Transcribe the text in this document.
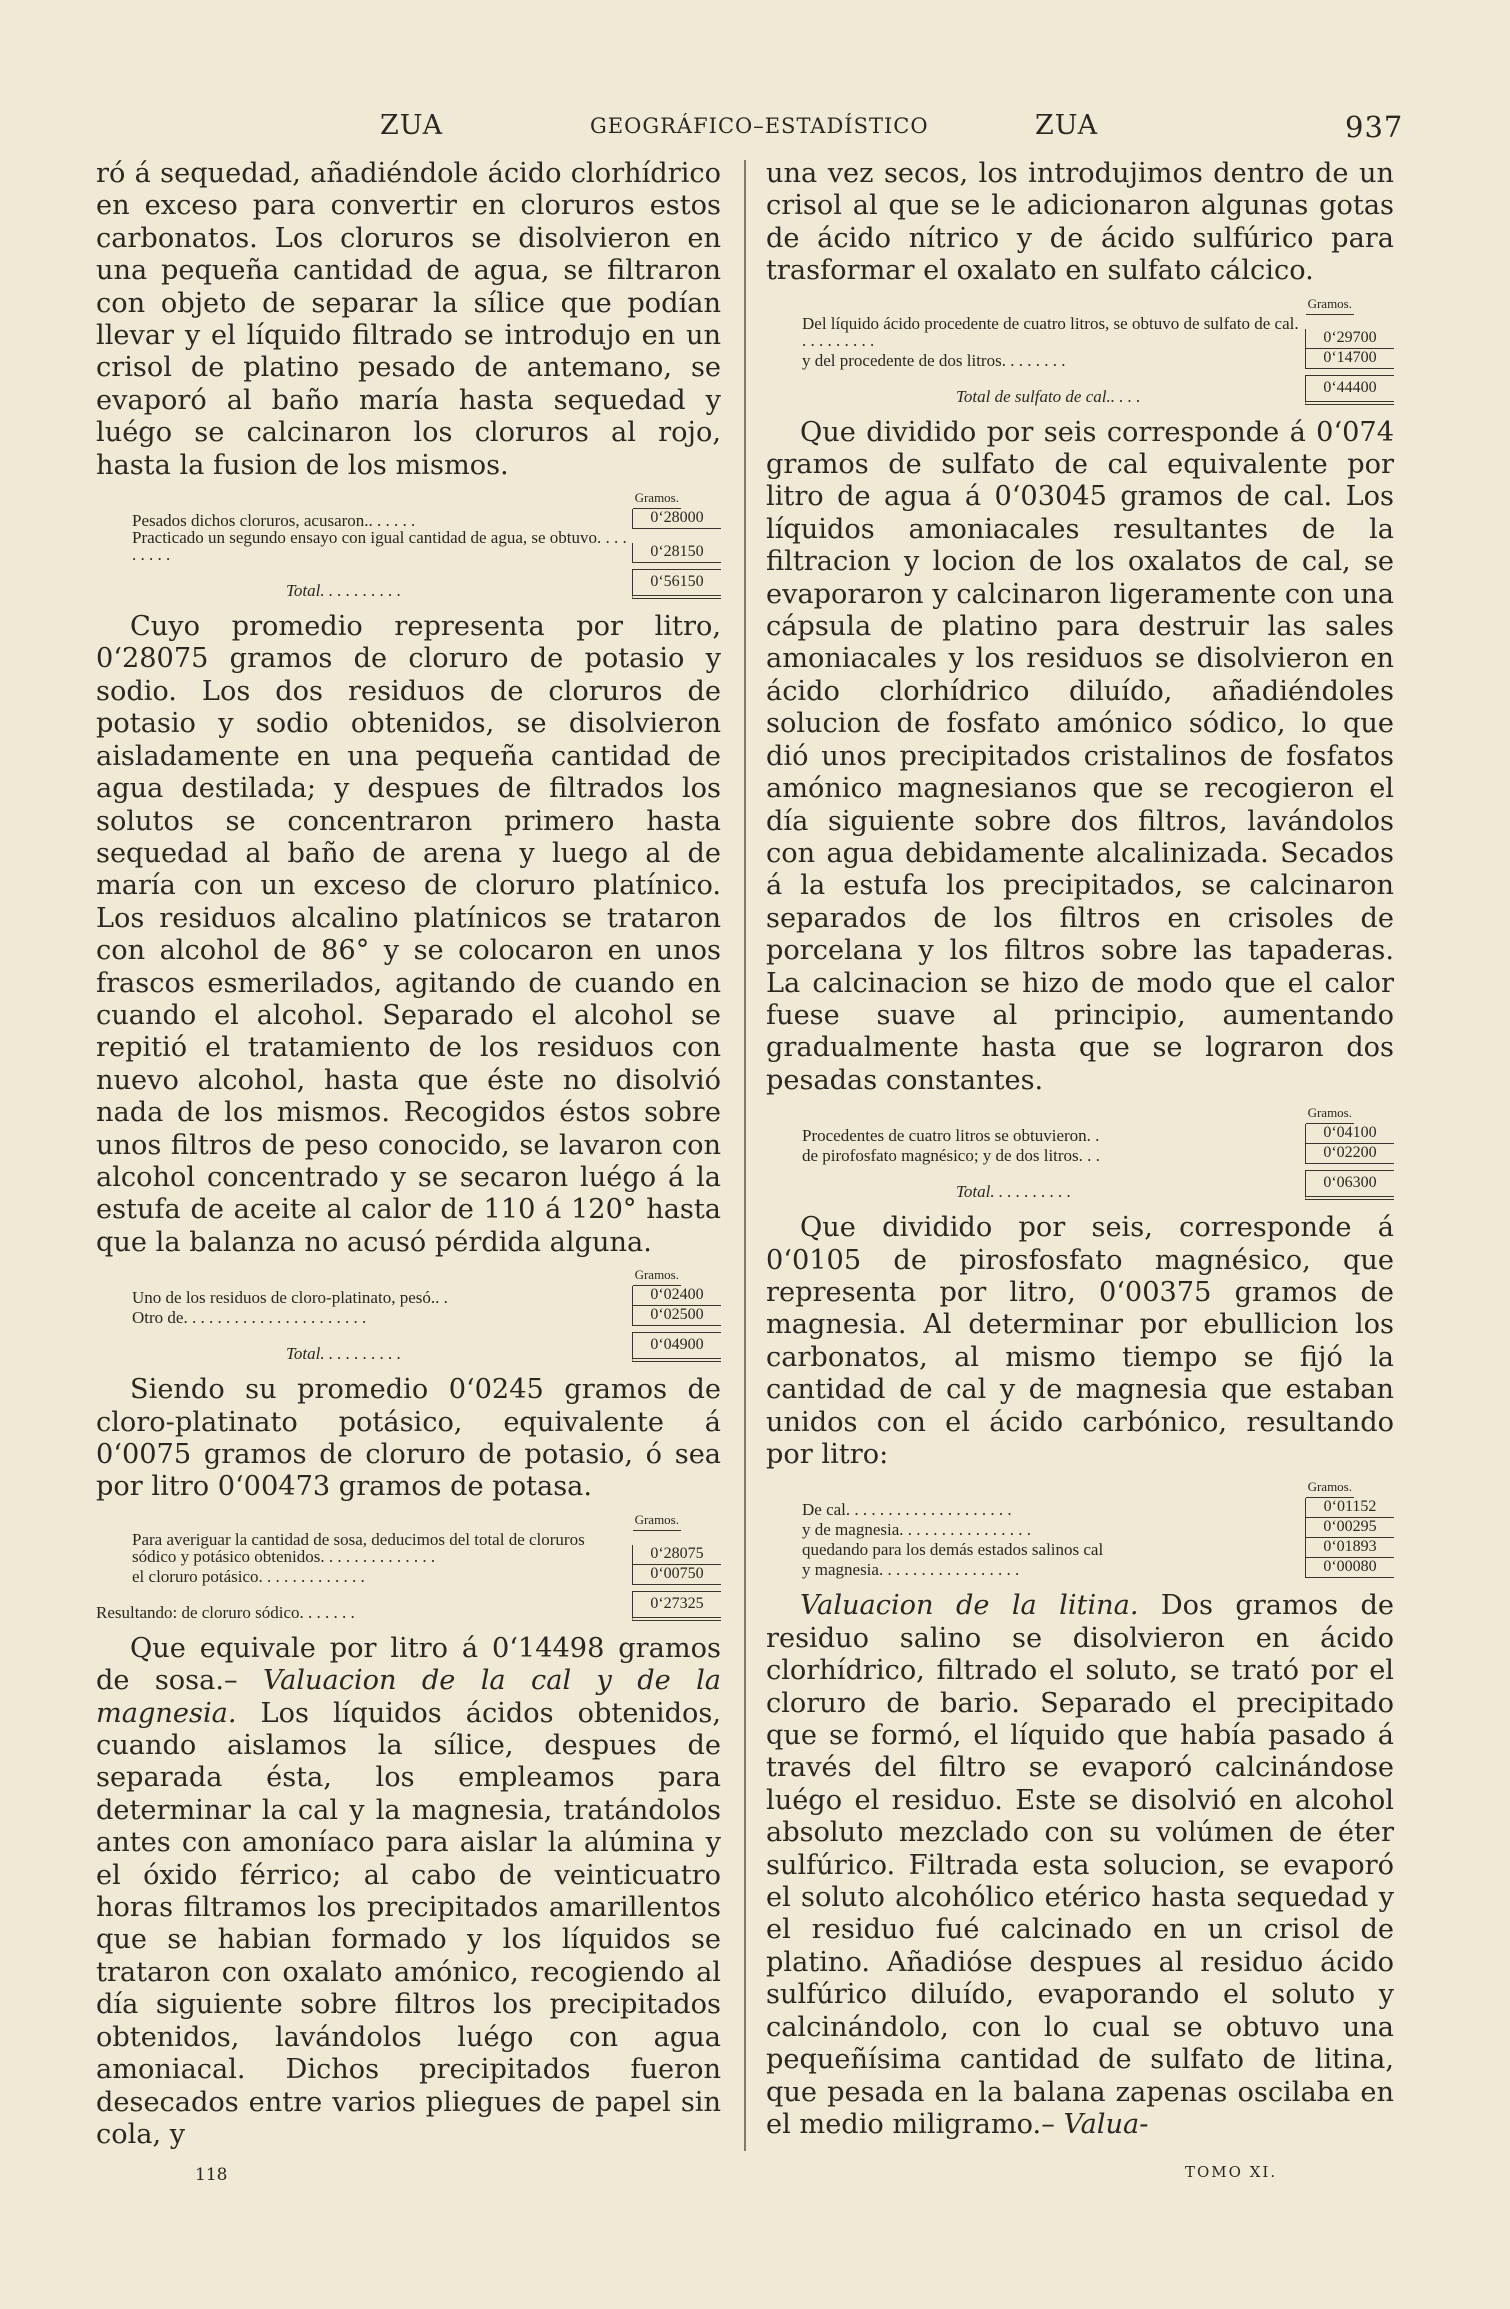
ZUA	GEOGRÁFICO–ESTADÍSTICO	ZUA	937

ró á sequedad, añadiéndole ácido clorhídrico en exceso para convertir en cloruros estos carbonatos. Los cloruros se disolvieron en una pequeña cantidad de agua, se filtraron con objeto de separar la sílice que podían llevar y el líquido filtrado se introdujo en un crisol de platino pesado de antemano, se evaporó al baño maría hasta sequedad y luégo se calcinaron los cloruros al rojo, hasta la fusion de los mismos.

Gramos.
Pesados dichos cloruros, acusaron.. . . . . .	0‘28000
Practicado un segundo ensayo con igual cantidad de agua, se obtuvo. . . . . . . . .	0‘28150
Total. . . . . . . . . .	0‘56150

Cuyo promedio representa por litro, 0‘28075 gramos de cloruro de potasio y sodio. Los dos residuos de cloruros de potasio y sodio obtenidos, se disolvieron aisladamente en una pequeña cantidad de agua destilada; y despues de filtrados los solutos se concentraron primero hasta sequedad al baño de arena y luego al de maría con un exceso de cloruro platínico. Los residuos alcalino platínicos se trataron con alcohol de 86° y se colocaron en unos frascos esmerilados, agitando de cuando en cuando el alcohol. Separado el alcohol se repitió el tratamiento de los residuos con nuevo alcohol, hasta que éste no disolvió nada de los mismos. Recogidos éstos sobre unos filtros de peso conocido, se lavaron con alcohol concentrado y se secaron luégo á la estufa de aceite al calor de 110 á 120° hasta que la balanza no acusó pérdida alguna.

Gramos.
Uno de los residuos de cloro-platinato, pesó.. .	0‘02400
Otro de. . . . . . . . . . . . . . . . . . . . . .	0‘02500
Total. . . . . . . . . .	0‘04900

Siendo su promedio 0‘0245 gramos de cloro-platinato potásico, equivalente á 0‘0075 gramos de cloruro de potasio, ó sea por litro 0‘00473 gramos de potasa.

Gramos.
Para averiguar la cantidad de sosa, deducimos del total de cloruros sódico y potásico obtenidos. . . . . . . . . . . . . .	0‘28075
el cloruro potásico. . . . . . . . . . . . .	0‘00750
Resultando: de cloruro sódico. . . . . . .	0‘27325

Que equivale por litro á 0‘14498 gramos de sosa.– Valuacion de la cal y de la magnesia. Los líquidos ácidos obtenidos, cuando aislamos la sílice, despues de separada ésta, los empleamos para determinar la cal y la magnesia, tratándolos antes con amoníaco para aislar la alúmina y el óxido férrico; al cabo de veinticuatro horas filtramos los precipitados amarillentos que se habian formado y los líquidos se trataron con oxalato amónico, recogiendo al día siguiente sobre filtros los precipitados obtenidos, lavándolos luégo con agua amoniacal. Dichos precipitados fueron desecados entre varios pliegues de papel sin cola, y

una vez secos, los introdujimos dentro de un crisol al que se le adicionaron algunas gotas de ácido nítrico y de ácido sulfúrico para trasformar el oxalato en sulfato cálcico.

Gramos.
Del líquido ácido procedente de cuatro litros, se obtuvo de sulfato de cal. . . . . . . . . .	0‘29700
y del procedente de dos litros. . . . . . . .	0‘14700
Total de sulfato de cal.. . . .	0‘44400

Que dividido por seis corresponde á 0‘074 gramos de sulfato de cal equivalente por litro de agua á 0‘03045 gramos de cal. Los líquidos amoniacales resultantes de la filtracion y locion de los oxalatos de cal, se evaporaron y calcinaron ligeramente con una cápsula de platino para destruir las sales amoniacales y los residuos se disolvieron en ácido clorhídrico diluído, añadiéndoles solucion de fosfato amónico sódico, lo que dió unos precipitados cristalinos de fosfatos amónico magnesianos que se recogieron el día siguiente sobre dos filtros, lavándolos con agua debidamente alcalinizada. Secados á la estufa los precipitados, se calcinaron separados de los filtros en crisoles de porcelana y los filtros sobre las tapaderas. La calcinacion se hizo de modo que el calor fuese suave al principio, aumentando gradualmente hasta que se lograron dos pesadas constantes.

Gramos.
Procedentes de cuatro litros se obtuvieron. .	0‘04100
de pirofosfato magnésico; y de dos litros. . .	0‘02200
Total. . . . . . . . . .	0‘06300

Que dividido por seis, corresponde á 0‘0105 de pirosfosfato magnésico, que representa por litro, 0‘00375 gramos de magnesia. Al determinar por ebullicion los carbonatos, al mismo tiempo se fijó la cantidad de cal y de magnesia que estaban unidos con el ácido carbónico, resultando por litro:

Gramos.
De cal. . . . . . . . . . . . . . . . . . . .	0‘01152
y de magnesia. . . . . . . . . . . . . . . .	0‘00295
quedando para los demás estados salinos cal	0‘01893
y magnesia. . . . . . . . . . . . . . . . .	0‘00080

Valuacion de la litina. Dos gramos de residuo salino se disolvieron en ácido clorhídrico, filtrado el soluto, se trató por el cloruro de bario. Separado el precipitado que se formó, el líquido que había pasado á través del filtro se evaporó calcinándose luégo el residuo. Este se disolvió en alcohol absoluto mezclado con su volúmen de éter sulfúrico. Filtrada esta solucion, se evaporó el soluto alcohólico etérico hasta sequedad y el residuo fué calcinado en un crisol de platino. Añadióse despues al residuo ácido sulfúrico diluído, evaporando el soluto y calcinándolo, con lo cual se obtuvo una pequeñísima cantidad de sulfato de litina, que pesada en la balana zapenas oscilaba en el medio miligramo.– Valua-

118	TOMO XI.
